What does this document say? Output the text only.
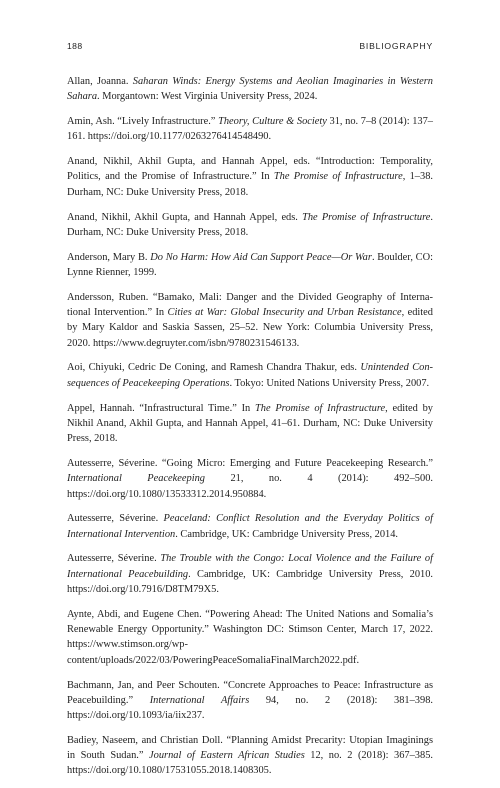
188	BIBLIOGRAPHY
Allan, Joanna. Saharan Winds: Energy Systems and Aeolian Imaginaries in Western Sahara. Morgantown: West Virginia University Press, 2024.
Amin, Ash. “Lively Infrastructure.” Theory, Culture & Society 31, no. 7–8 (2014): 137–161. https://doi.org/10.1177/0263276414548490.
Anand, Nikhil, Akhil Gupta, and Hannah Appel, eds. “Introduction: Temporality, Politics, and the Promise of Infrastructure.” In The Promise of Infrastructure, 1–38. Durham, NC: Duke University Press, 2018.
Anand, Nikhil, Akhil Gupta, and Hannah Appel, eds. The Promise of Infrastructure. Durham, NC: Duke University Press, 2018.
Anderson, Mary B. Do No Harm: How Aid Can Support Peace—Or War. Boulder, CO: Lynne Rienner, 1999.
Andersson, Ruben. “Bamako, Mali: Danger and the Divided Geography of International Intervention.” In Cities at War: Global Insecurity and Urban Resistance, edited by Mary Kaldor and Saskia Sassen, 25–52. New York: Columbia University Press, 2020. https://www.degruyter.com/isbn/9780231546133.
Aoi, Chiyuki, Cedric De Coning, and Ramesh Chandra Thakur, eds. Unintended Consequences of Peacekeeping Operations. Tokyo: United Nations University Press, 2007.
Appel, Hannah. “Infrastructural Time.” In The Promise of Infrastructure, edited by Nikhil Anand, Akhil Gupta, and Hannah Appel, 41–61. Durham, NC: Duke University Press, 2018.
Autesserre, Séverine. “Going Micro: Emerging and Future Peacekeeping Research.” International Peacekeeping 21, no. 4 (2014): 492–500. https://doi.org/10.1080/13533312.2014.950884.
Autesserre, Séverine. Peaceland: Conflict Resolution and the Everyday Politics of International Intervention. Cambridge, UK: Cambridge University Press, 2014.
Autesserre, Séverine. The Trouble with the Congo: Local Violence and the Failure of International Peacebuilding. Cambridge, UK: Cambridge University Press, 2010. https://doi.org/10.7916/D8TM79X5.
Aynte, Abdi, and Eugene Chen. “Powering Ahead: The United Nations and Somalia’s Renewable Energy Opportunity.” Washington DC: Stimson Center, March 17, 2022. https://www.stimson.org/wp-content/uploads/2022/03/PoweringPeaceSomaliaFinalMarch2022.pdf.
Bachmann, Jan, and Peer Schouten. “Concrete Approaches to Peace: Infrastructure as Peacebuilding.” International Affairs 94, no. 2 (2018): 381–398. https://doi.org/10.1093/ia/iix237.
Badiey, Naseem, and Christian Doll. “Planning Amidst Precarity: Utopian Imaginings in South Sudan.” Journal of Eastern African Studies 12, no. 2 (2018): 367–385. https://doi.org/10.1080/17531055.2018.1408305.
